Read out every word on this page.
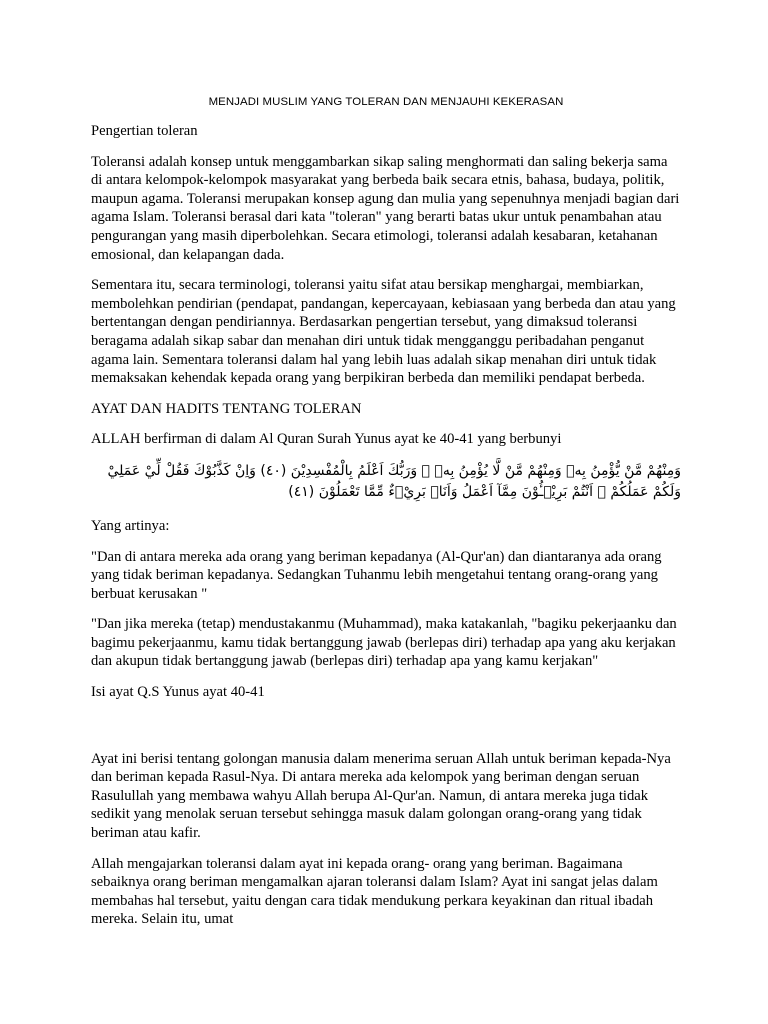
MENJADI MUSLIM YANG TOLERAN DAN MENJAUHI KEKERASAN

Pengertian toleran

Toleransi adalah konsep untuk menggambarkan sikap saling menghormati dan saling bekerja sama di antara kelompok-kelompok masyarakat yang berbeda baik secara etnis, bahasa, budaya, politik, maupun agama. Toleransi merupakan konsep agung dan mulia yang sepenuhnya menjadi bagian dari agama Islam. Toleransi berasal dari kata "toleran" yang berarti batas ukur untuk penambahan atau pengurangan yang masih diperbolehkan. Secara etimologi, toleransi adalah kesabaran, ketahanan emosional, dan kelapangan dada.

Sementara itu, secara terminologi, toleransi yaitu sifat atau bersikap menghargai, membiarkan, membolehkan pendirian (pendapat, pandangan, kepercayaan, kebiasaan yang berbeda dan atau yang bertentangan dengan pendiriannya. Berdasarkan pengertian tersebut, yang dimaksud toleransi beragama adalah sikap sabar dan menahan diri untuk tidak mengganggu peribadahan penganut agama lain. Sementara toleransi dalam hal yang lebih luas adalah sikap menahan diri untuk tidak memaksakan kehendak kepada orang yang berpikiran berbeda dan memiliki pendapat berbeda.

AYAT DAN HADITS TENTANG TOLERAN

ALLAH berfirman di dalam Al Quran Surah Yunus ayat ke 40-41 yang berbunyi

وَمِنْهُمْ مَّنْ يُّؤْمِنُ بِهٖ وَمِنْهُمْ مَّنْ لَّا يُؤْمِنُ بِهٖ ۗ وَرَبُّكَ اَعْلَمُ بِالْمُفْسِدِيْنَ (٤٠) وَاِنْ كَذَّبُوْكَ فَقُلْ لِّيْ عَمَلِيْ وَلَكُمْ عَمَلُكُمْ ۚ اَنْتُمْ بَرِيْۤـُٔوْنَ مِمَّآ اَعْمَلُ وَاَنَا۠ بَرِيْۤءٌ مِّمَّا تَعْمَلُوْنَ (٤١)

Yang artinya:

"Dan di antara mereka ada orang yang beriman kepadanya (Al-Qur'an) dan diantaranya ada orang yang tidak beriman kepadanya. Sedangkan Tuhanmu lebih mengetahui tentang orang-orang yang berbuat kerusakan "

"Dan jika mereka (tetap) mendustakanmu (Muhammad), maka katakanlah, "bagiku pekerjaanku dan bagimu pekerjaanmu, kamu tidak bertanggung jawab (berlepas diri) terhadap apa yang aku kerjakan dan akupun tidak bertanggung jawab (berlepas diri) terhadap apa yang kamu kerjakan"

Isi ayat Q.S Yunus ayat 40-41

Ayat ini berisi tentang golongan manusia dalam menerima seruan Allah untuk beriman kepada-Nya dan beriman kepada Rasul-Nya. Di antara mereka ada kelompok yang beriman dengan seruan Rasulullah yang membawa wahyu Allah berupa Al-Qur'an. Namun, di antara mereka juga tidak sedikit yang menolak seruan tersebut sehingga masuk dalam golongan orang-orang yang tidak beriman atau kafir.

Allah mengajarkan toleransi dalam ayat ini kepada orang- orang yang beriman. Bagaimana sebaiknya orang beriman mengamalkan ajaran toleransi dalam Islam? Ayat ini sangat jelas dalam membahas hal tersebut, yaitu dengan cara tidak mendukung perkara keyakinan dan ritual ibadah mereka. Selain itu, umat
